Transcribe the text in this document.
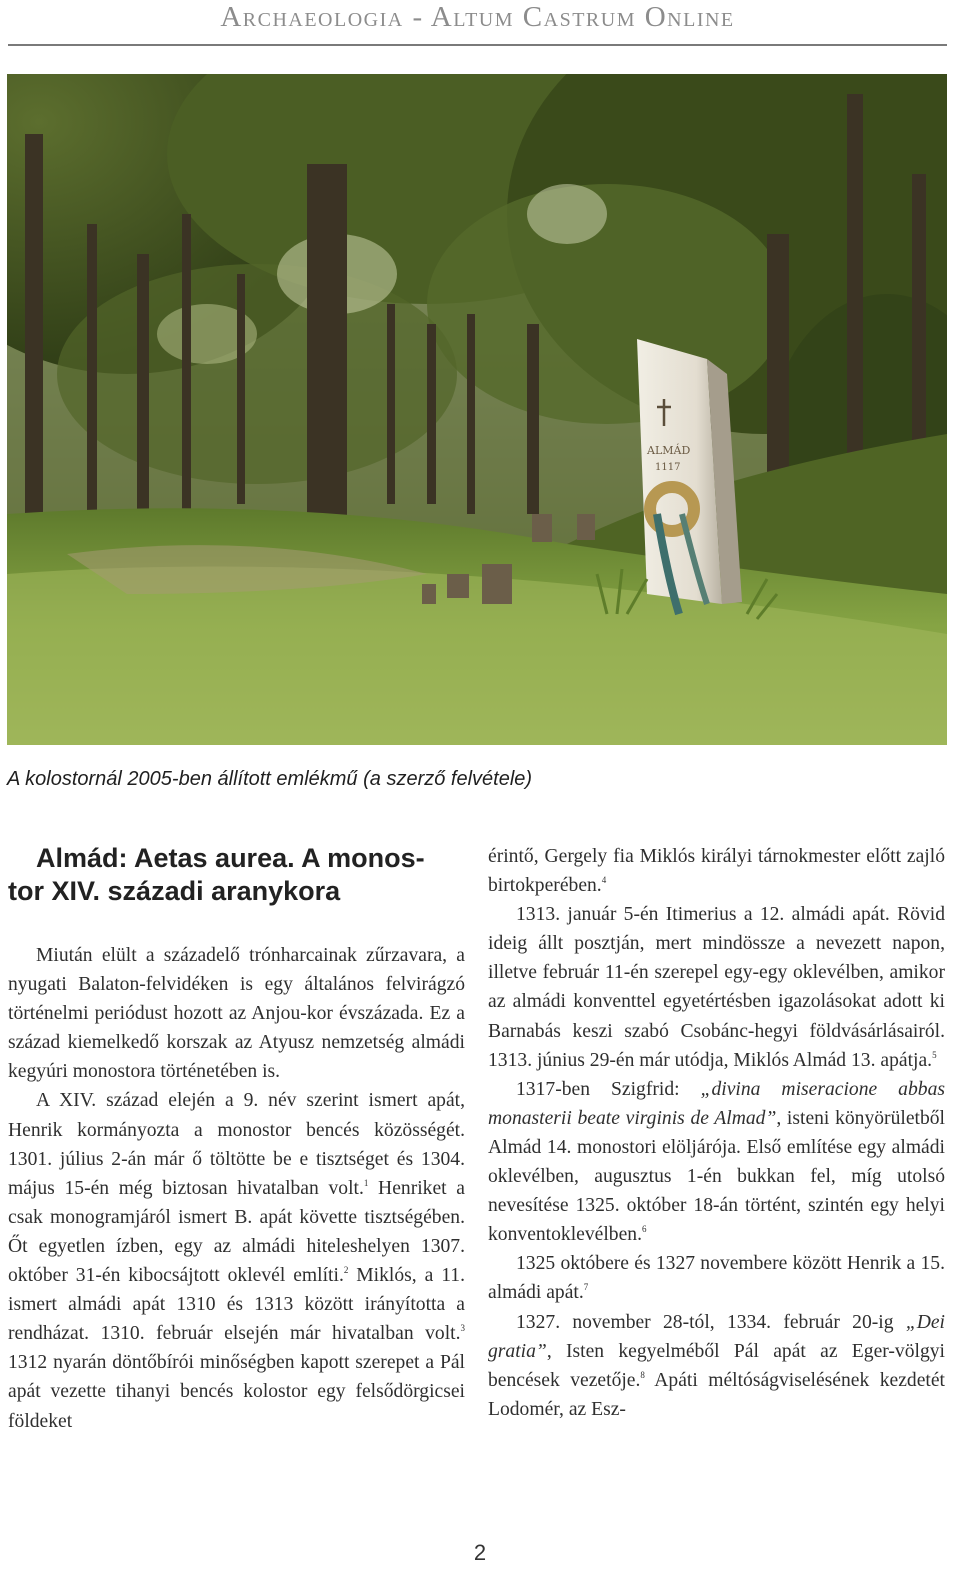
Archaeologia - Altum Castrum Online
ALMÁD
1117
A kolostornál 2005-ben állított emlékmű (a szerző felvétele)
Almád: Aetas aurea. A monos-
tor XIV. századi aranykora

Miután elült a századelő trónharcainak zűrzavara, a nyugati Balaton-felvidéken is egy általános felvirágzó történelmi periódust hozott az Anjou-kor évszázada. Ez a század kiemelkedő korszak az Atyusz nemzetség almádi kegyúri monostora történetében is.

A XIV. század elején a 9. név szerint ismert apát, Henrik kormányozta a monostor bencés közösségét. 1301. július 2-án már ő töltötte be e tisztséget és 1304. május 15-én még biztosan hivatalban volt.$^1$ Henriket a csak monogramjáról ismert B. apát követte tisztségében. Őt egyetlen ízben, egy az almádi hiteleshelyen 1307. október 31-én kibocsájtott oklevél említi.$^2$ Miklós, a 11. ismert almádi apát 1310 és 1313 között irányította a rendházat. 1310. február elsején már hivatalban volt.$^3$ 1312 nyarán döntőbírói minőségben kapott szerepet a Pál apát vezette tihanyi bencés kolostor egy felsődörgicsei földeket

érintő, Gergely fia Miklós királyi tárnokmester előtt zajló birtokperében.$^4$

1313. január 5-én Itimerius a 12. almádi apát. Rövid ideig állt posztján, mert mindössze a nevezett napon, illetve február 11-én szerepel egy-egy oklevélben, amikor az almádi konventtel egyetértésben igazolásokat adott ki Barnabás keszi szabó Csobánc-hegyi földvásárlásairól. 1313. június 29-én már utódja, Miklós Almád 13. apátja.$^5$

1317-ben Szigfrid: „divina miseracione abbas monasterii beate virginis de Almad”, isteni könyörületből Almád 14. monostori elöljárója. Első említése egy almádi oklevélben, augusztus 1-én bukkan fel, míg utolsó nevesítése 1325. október 18-án történt, szintén egy helyi konventoklevélben.$^6$

1325 októbere és 1327 novembere között Henrik a 15. almádi apát.$^7$

1327. november 28-tól, 1334. február 20-ig „Dei gratia”, Isten kegyelméből Pál apát az Eger-völgyi bencések vezetője.$^8$ Apáti méltóságviselésének kezdetét Lodomér, az Esz-

2
